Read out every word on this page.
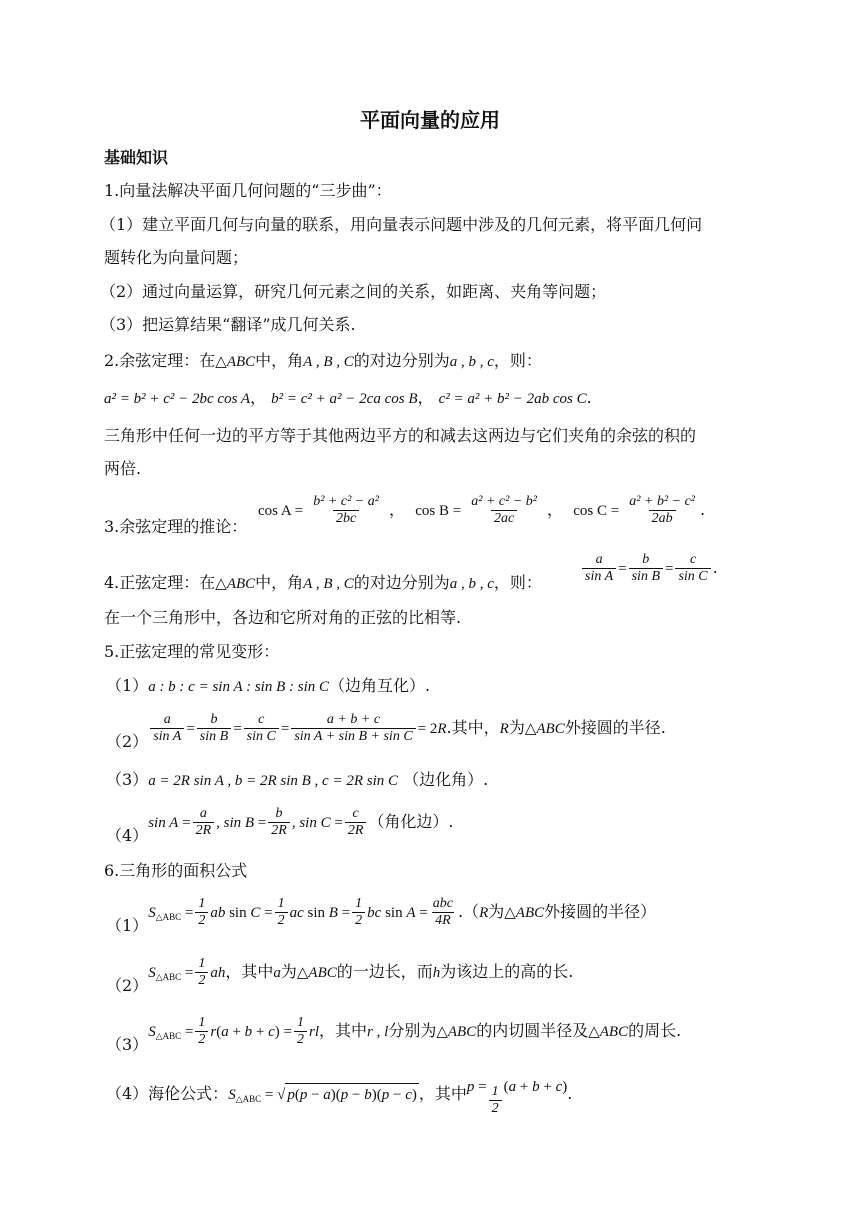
平面向量的应用
基础知识
1.向量法解决平面几何问题的“三步曲”：
（1）建立平面几何与向量的联系，用向量表示问题中涉及的几何元素，将平面几何问
题转化为向量问题；
（2）通过向量运算，研究几何元素之间的关系，如距离、夹角等问题；
（3）把运算结果“翻译”成几何关系.
2.余弦定理：在△ABC中，角A , B , C的对边分别为a , b , c，则：
a² = b² + c² − 2bc cos A， b² = c² + a² − 2ca cos B， c² = a² + b² − 2ab cos C.
三角形中任何一边的平方等于其他两边平方的和减去这两边与它们夹角的余弦的积的
两倍.
3.余弦定理的推论：
$\cos A = \frac{\text{b² + c² − a²}}{2bc}$ ，  $\cos B = \frac{\text{a² + c² − b²}}{2ac}$ ，  $\cos C = \frac{\text{a² + b² − c²}}{2ab}$ .
4.正弦定理：在△ABC中，角A , B , C的对边分别为a , b , c，则：	$\frac{a}{\text{sin A}} = \frac{b}{\text{sin B}} = \frac{c}{\text{sin C}}$ .
在一个三角形中，各边和它所对角的正弦的比相等.
5.正弦定理的常见变形：
（1）a : b : c = sin A : sin B : sin C（边角互化）.
$(2) \frac{a}{\text{sin A}} = \frac{b}{\text{sin B}} = \frac{c}{\text{sin C}} = \frac{a + b + c}{\text{sin A + sin B + sin C}} = 2R$.其中，R为△ABC外接圆的半径.
（3）a = 2R sin A , b = 2R sin B , c = 2R sin C （边化角）.
（4）sin $A = \frac{a}{2R}$ , $\sin B = \frac{b}{2R}$ , $\sin C = \frac{c}{2R}$ （角化边）.
6.三角形的面积公式
$(1)S_{\triangle ABC} = \frac{1}{2}$ ab $\sin C = \frac{1}{2}$ ac $\sin B = \frac{1}{2}$ bc $\sin A = \frac{\text{abc}}{4R} .(R$为△ABC外接圆的半径）
$(2)S_{\triangle ABC} = \frac{1}{2}$ ah，其中a为△ABC的一边长，而h为该边上的高的长.
$(3)S_{\triangle ABC} = \frac{1}{2} r(a + b + c) = \frac{1}{2}$ rl，其中r , l分别为△ABC的内切圆半径及△ABC的周长.
（4）海伦公式：$S_{\triangle ABC}$ = √ p(p − a)(p − b)(p − c) ，其中$p = \frac{1}{2} (a + b + c)$.
